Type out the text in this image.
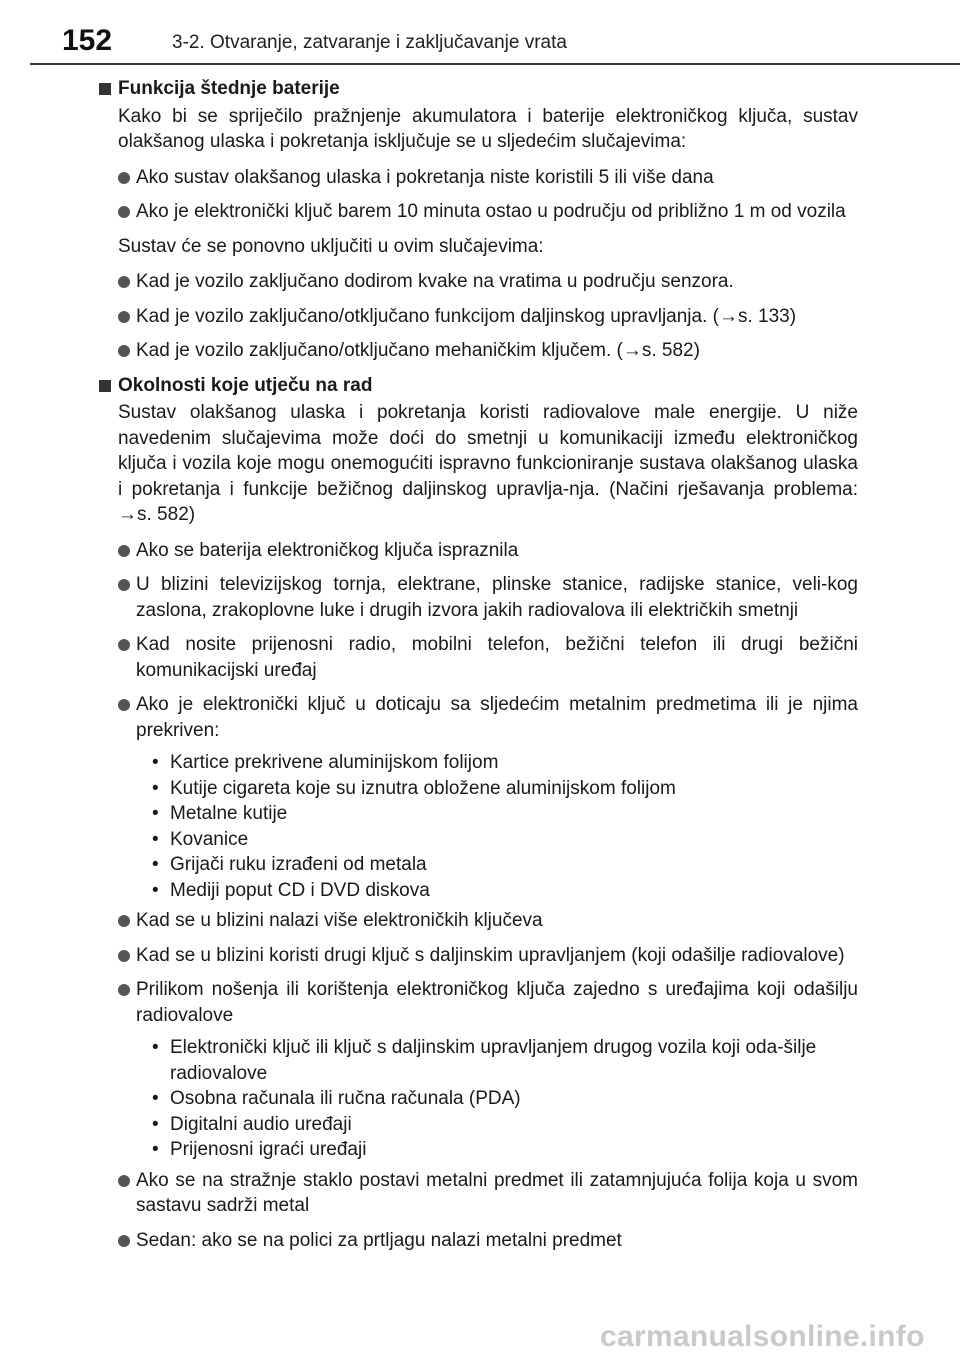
152	3-2. Otvaranje, zatvaranje i zaključavanje vrata
Funkcija štednje baterije
Kako bi se spriječilo pražnjenje akumulatora i baterije elektroničkog ključa, sustav olakšanog ulaska i pokretanja isključuje se u sljedećim slučajevima:
Ako sustav olakšanog ulaska i pokretanja niste koristili 5 ili više dana
Ako je elektronički ključ barem 10 minuta ostao u području od približno 1 m od vozila
Sustav će se ponovno uključiti u ovim slučajevima:
Kad je vozilo zaključano dodirom kvake na vratima u području senzora.
Kad je vozilo zaključano/otključano funkcijom daljinskog upravljanja. (→s. 133)
Kad je vozilo zaključano/otključano mehaničkim ključem. (→s. 582)
Okolnosti koje utječu na rad
Sustav olakšanog ulaska i pokretanja koristi radiovalove male energije. U niže navedenim slučajevima može doći do smetnji u komunikaciji između elektroničkog ključa i vozila koje mogu onemogućiti ispravno funkcioniranje sustava olakšanog ulaska i pokretanja i funkcije bežičnog daljinskog upravlja-nja. (Načini rješavanja problema: →s. 582)
Ako se baterija elektroničkog ključa ispraznila
U blizini televizijskog tornja, elektrane, plinske stanice, radijske stanice, veli-kog zaslona, zrakoplovne luke i drugih izvora jakih radiovalova ili električkih smetnji
Kad nosite prijenosni radio, mobilni telefon, bežični telefon ili drugi bežični komunikacijski uređaj
Ako je elektronički ključ u doticaju sa sljedećim metalnim predmetima ili je njima prekriven:
• Kartice prekrivene aluminijskom folijom
• Kutije cigareta koje su iznutra obložene aluminijskom folijom
• Metalne kutije
• Kovanice
• Grijači ruku izrađeni od metala
• Mediji poput CD i DVD diskova
Kad se u blizini nalazi više elektroničkih ključeva
Kad se u blizini koristi drugi ključ s daljinskim upravljanjem (koji odašilje radiovalove)
Prilikom nošenja ili korištenja elektroničkog ključa zajedno s uređajima koji odašilju radiovalove
• Elektronički ključ ili ključ s daljinskim upravljanjem drugog vozila koji oda-šilje radiovalove
• Osobna računala ili ručna računala (PDA)
• Digitalni audio uređaji
• Prijenosni igraći uređaji
Ako se na stražnje staklo postavi metalni predmet ili zatamnjujuća folija koja u svom sastavu sadrži metal
Sedan: ako se na polici za prtljagu nalazi metalni predmet
carmanualsonline.info
